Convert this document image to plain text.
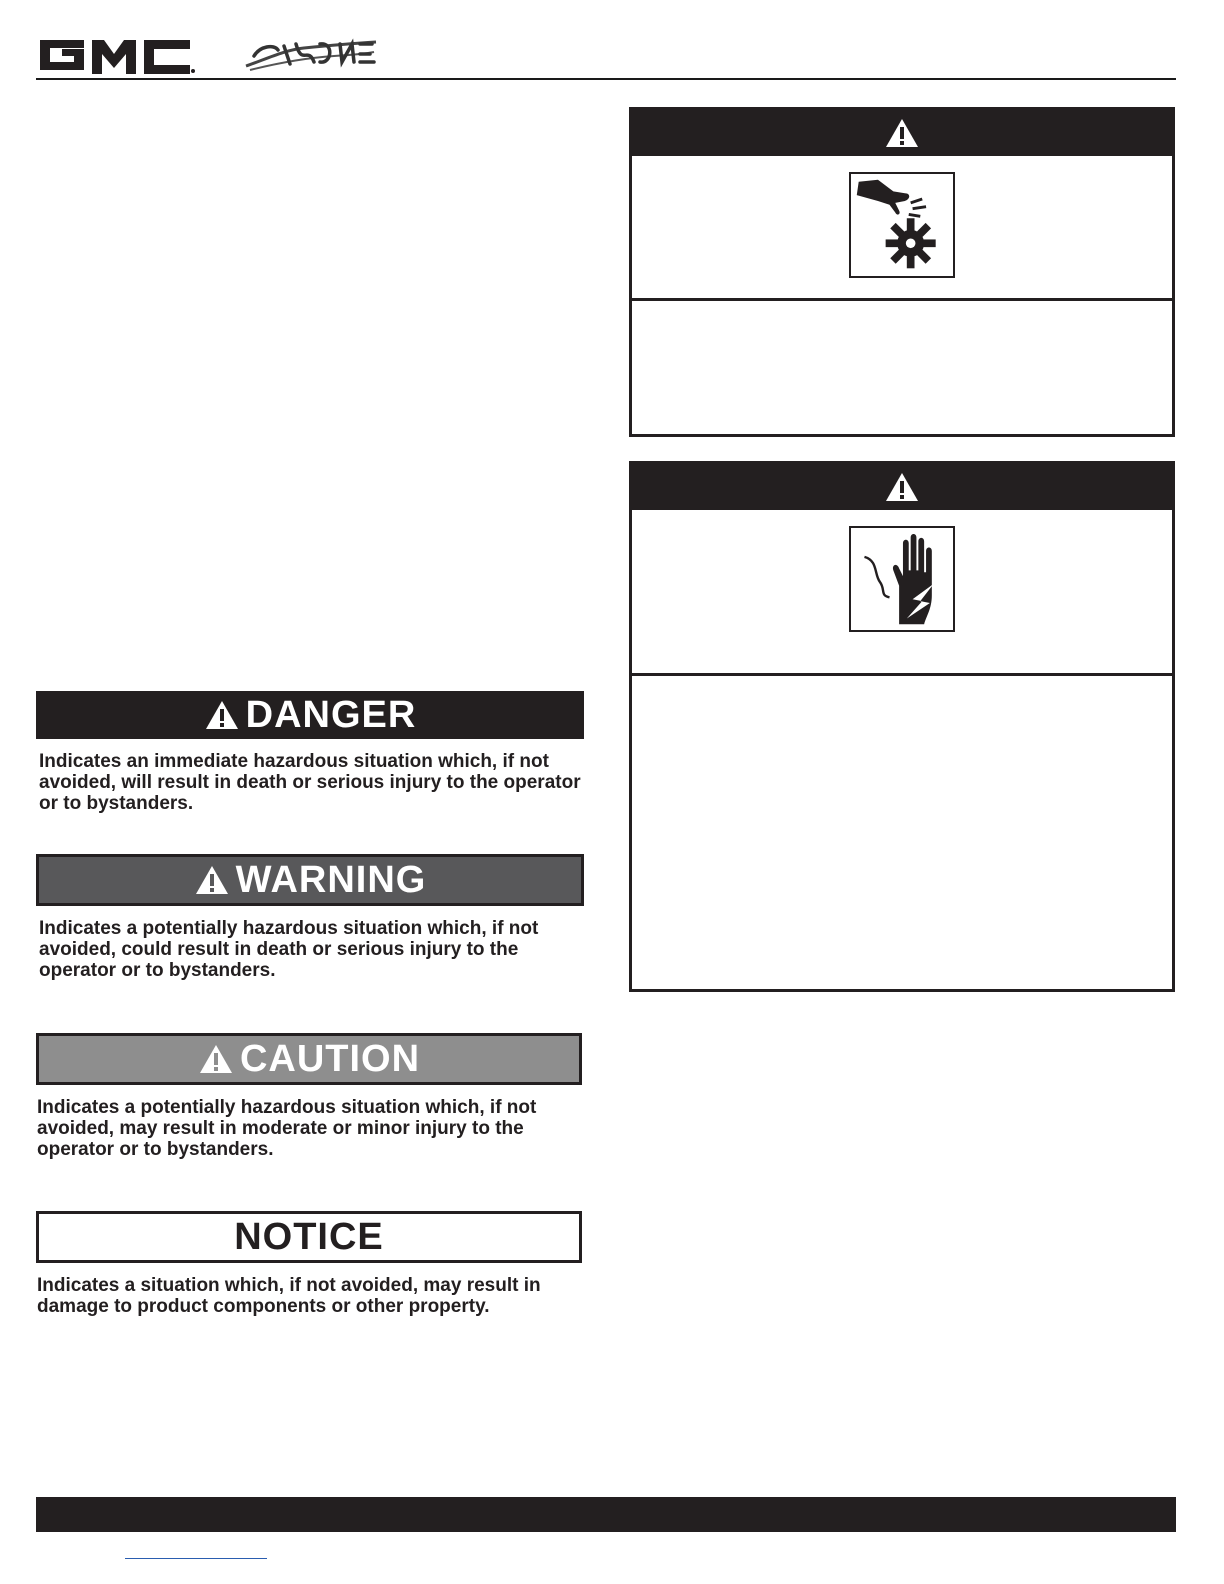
DANGER
Indicates an immediate hazardous situation which, if not avoided, will result in death or serious injury to the operator or to bystanders.
WARNING
Indicates a potentially hazardous situation which, if not avoided, could result in death or serious injury to the operator or to bystanders.
CAUTION
Indicates a potentially hazardous situation which, if not avoided, may result in moderate or minor injury to the operator or to bystanders.
NOTICE
Indicates a situation which, if not avoided, may result in damage to product components or other property.
